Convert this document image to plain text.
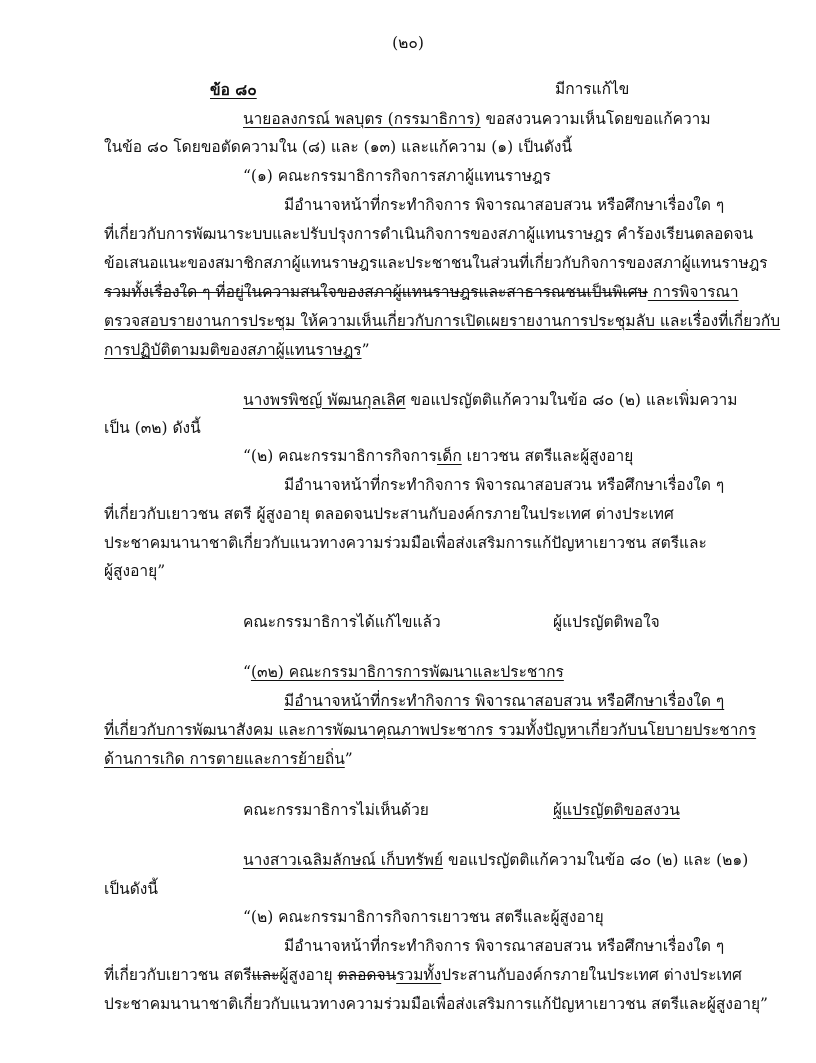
(๒๐)
ข้อ ๘๐	มีการแก้ไข
นายอลงกรณ์ พลบุตร (กรรมาธิการ) ขอสงวนความเห็นโดยขอแก้ความ
ในข้อ ๘๐ โดยขอตัดความใน (๘) และ (๑๓) และแก้ความ (๑) เป็นดังนี้
“(๑) คณะกรรมาธิการกิจการสภาผู้แทนราษฎร
มีอำนาจหน้าที่กระทำกิจการ พิจารณาสอบสวน หรือศึกษาเรื่องใด ๆ
ที่เกี่ยวกับการพัฒนาระบบและปรับปรุงการดำเนินกิจการของสภาผู้แทนราษฎร คำร้องเรียนตลอดจน
ข้อเสนอแนะของสมาชิกสภาผู้แทนราษฎรและประชาชนในส่วนที่เกี่ยวกับกิจการของสภาผู้แทนราษฎร
รวมทั้งเรื่องใด ๆ ที่อยู่ในความสนใจของสภาผู้แทนราษฎรและสาธารณชนเป็นพิเศษ การพิจารณา
ตรวจสอบรายงานการประชุม ให้ความเห็นเกี่ยวกับการเปิดเผยรายงานการประชุมลับ และเรื่องที่เกี่ยวกับ
การปฏิบัติตามมติของสภาผู้แทนราษฎร”
นางพรพิชญ์ พัฒนกุลเลิศ ขอแปรญัตติแก้ความในข้อ ๘๐ (๒) และเพิ่มความ
เป็น (๓๒) ดังนี้
“(๒) คณะกรรมาธิการกิจการเด็ก เยาวชน สตรีและผู้สูงอายุ
มีอำนาจหน้าที่กระทำกิจการ พิจารณาสอบสวน หรือศึกษาเรื่องใด ๆ
ที่เกี่ยวกับเยาวชน สตรี ผู้สูงอายุ ตลอดจนประสานกับองค์กรภายในประเทศ ต่างประเทศ
ประชาคมนานาชาติเกี่ยวกับแนวทางความร่วมมือเพื่อส่งเสริมการแก้ปัญหาเยาวชน สตรีและ
ผู้สูงอายุ”
คณะกรรมาธิการได้แก้ไขแล้ว	ผู้แปรญัตติพอใจ
“(๓๒) คณะกรรมาธิการการพัฒนาและประชากร
มีอำนาจหน้าที่กระทำกิจการ พิจารณาสอบสวน หรือศึกษาเรื่องใด ๆ
ที่เกี่ยวกับการพัฒนาสังคม และการพัฒนาคุณภาพประชากร รวมทั้งปัญหาเกี่ยวกับนโยบายประชากร
ด้านการเกิด การตายและการย้ายถิ่น”
คณะกรรมาธิการไม่เห็นด้วย	ผู้แปรญัตติขอสงวน
นางสาวเฉลิมลักษณ์ เก็บทรัพย์ ขอแปรญัตติแก้ความในข้อ ๘๐ (๒) และ (๒๑)
เป็นดังนี้
“(๒) คณะกรรมาธิการกิจการเยาวชน สตรีและผู้สูงอายุ
มีอำนาจหน้าที่กระทำกิจการ พิจารณาสอบสวน หรือศึกษาเรื่องใด ๆ
ที่เกี่ยวกับเยาวชน สตรีและผู้สูงอายุ ตลอดจนรวมทั้งประสานกับองค์กรภายในประเทศ ต่างประเทศ
ประชาคมนานาชาติเกี่ยวกับแนวทางความร่วมมือเพื่อส่งเสริมการแก้ปัญหาเยาวชน สตรีและผู้สูงอายุ”
